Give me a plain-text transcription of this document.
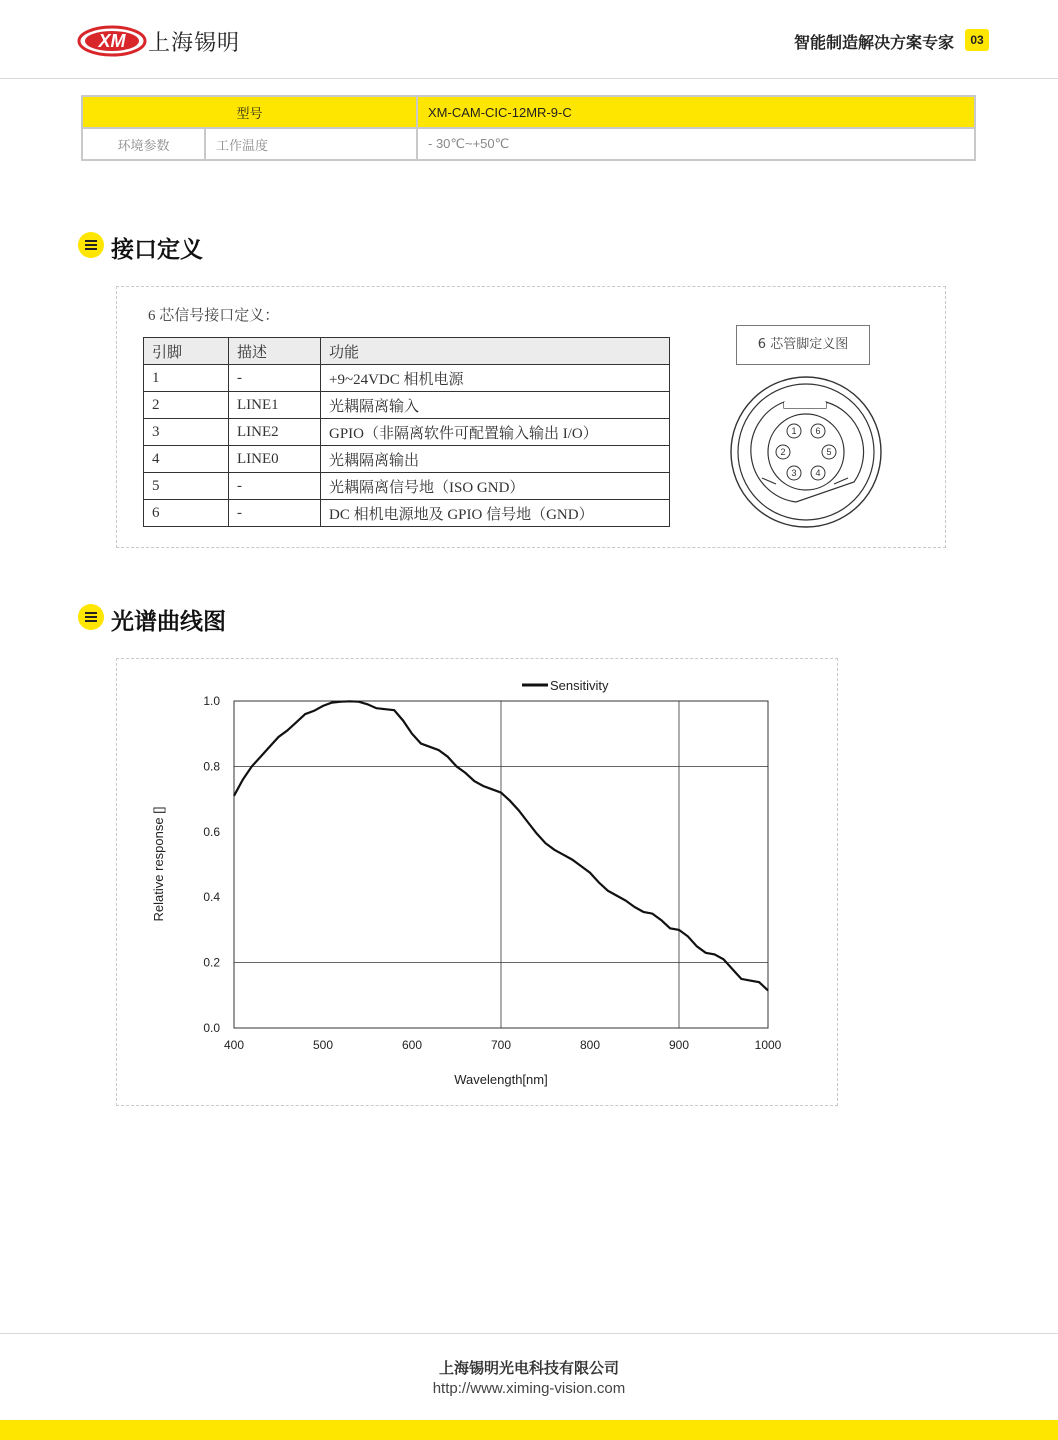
XM 上海锡明	智能制造解决方案专家	03
型号		XM-CAM-CIC-12MR-9-C
环境参数	工作温度	- 30℃~+50℃
接口定义
6 芯信号接口定义：
引脚	描述	功能
1	-	+9~24VDC 相机电源
2	LINE1	光耦隔离输入
3	LINE2	GPIO（非隔离软件可配置输入输出 I/O）
4	LINE0	光耦隔离输出
5	-	光耦隔离信号地（ISO GND）
6	-	DC 相机电源地及 GPIO 信号地（GND）
6 芯管脚定义图
1
2
3 4
5
6
光谱曲线图
0.0
0.2
0.4
0.6
0.8
1.0
400	500	600	700	800	900	1000
Sensitivity
Wavelength[nm]
Relative response []
上海锡明光电科技有限公司
http://www.ximing-vision.com
